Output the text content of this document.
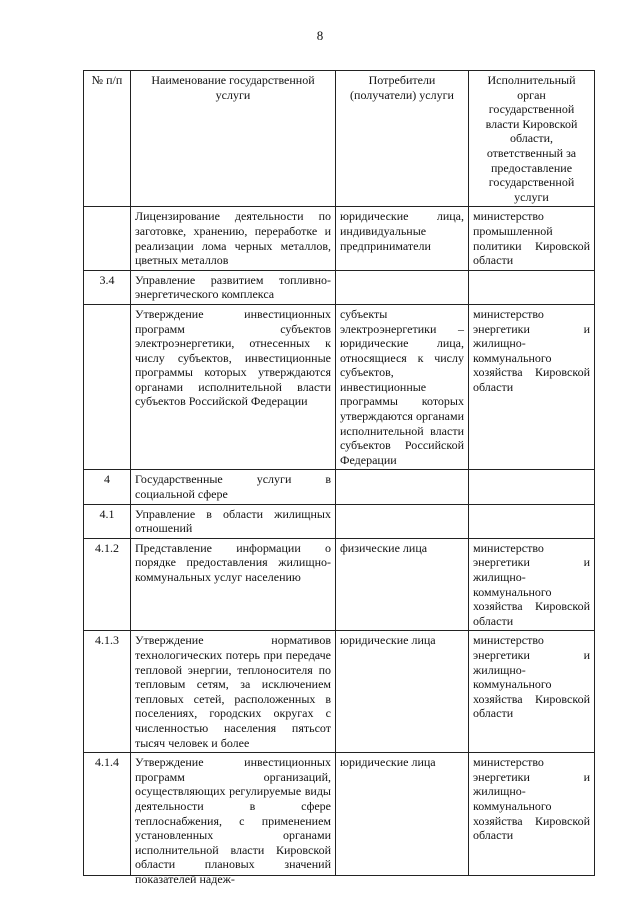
8
№ п/п	Наименование государственной услуги	Потребители (получатели) услуги	Исполнительный орган государственной власти Кировской области, ответственный за предоставление государственной услуги
	Лицензирование деятельности по заготовке, хранению, переработке и реализации лома черных металлов, цветных металлов	юридические лица, индивидуальные предприниматели	министерство промышленной политики Кировской области
3.4	Управление развитием топливно-энергетического комплекса		
	Утверждение инвестиционных программ субъектов электроэнергетики, отнесенных к числу субъектов, инвестиционные программы которых утверждаются органами исполнительной власти субъектов Российской Федерации	субъекты электроэнергетики – юридические лица, относящиеся к числу субъектов, инвестиционные программы которых утверждаются органами исполнительной власти субъектов Российской Федерации	министерство энергетики и жилищно-коммунального хозяйства Кировской области
4	Государственные услуги в социальной сфере		
4.1	Управление в области жилищных отношений		
4.1.2	Представление информации о порядке предоставления жилищно-коммунальных услуг населению	физические лица	министерство энергетики и жилищно-коммунального хозяйства Кировской области
4.1.3	Утверждение нормативов технологических потерь при передаче тепловой энергии, теплоносителя по тепловым сетям, за исключением тепловых сетей, расположенных в поселениях, городских округах с численностью населения пятьсот тысяч человек и более	юридические лица	министерство энергетики и жилищно-коммунального хозяйства Кировской области
4.1.4	Утверждение инвестиционных программ организаций, осуществляющих регулируемые виды деятельности в сфере теплоснабжения, с применением установленных органами исполнительной власти Кировской области плановых значений показателей надеж-	юридические лица	министерство энергетики и жилищно-коммунального хозяйства Кировской области
